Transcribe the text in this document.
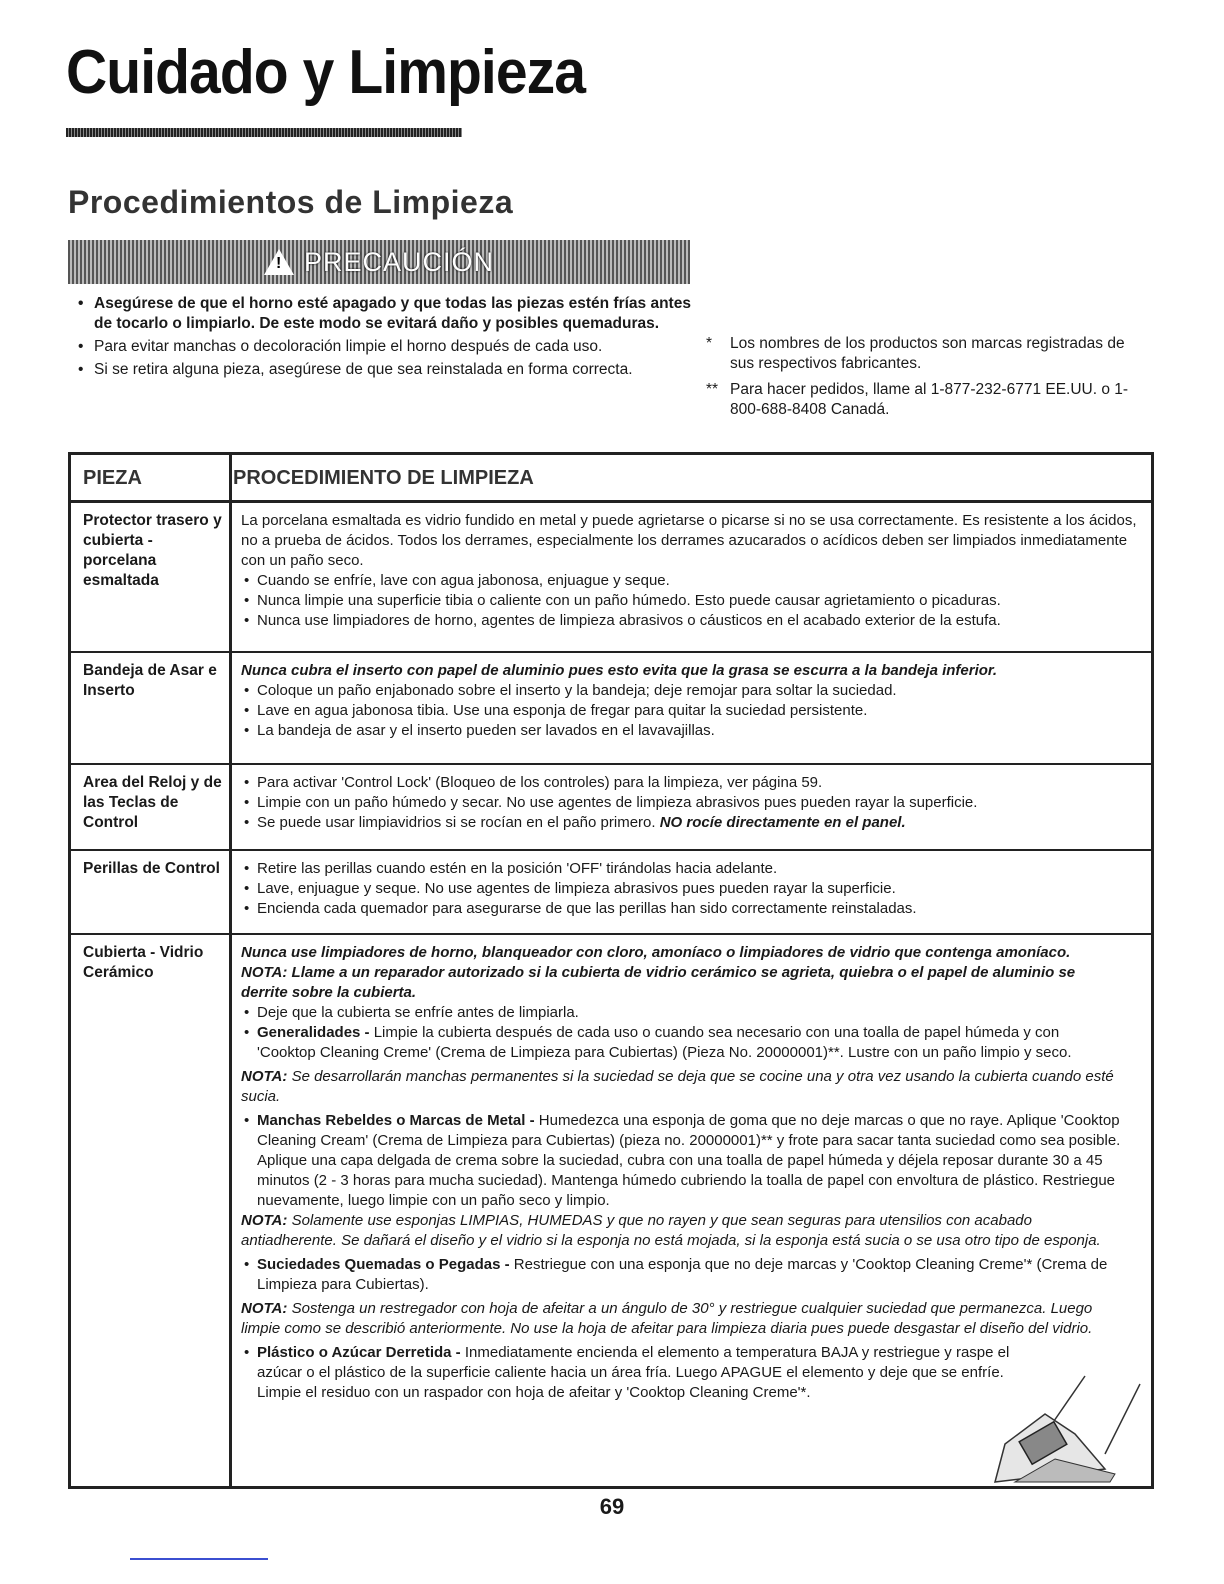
Cuidado y Limpieza
Procedimientos de Limpieza
! PRECAUCIÓN
• Asegúrese de que el horno esté apagado y que todas las piezas estén frías antes de tocarlo o limpiarlo. De este modo se evitará daño y posibles quemaduras.
• Para evitar manchas o decoloración limpie el horno después de cada uso.
• Si se retira alguna pieza, asegúrese de que sea reinstalada en forma correcta.
* Los nombres de los productos son marcas registradas de sus respectivos fabricantes.
** Para hacer pedidos, llame al 1-877-232-6771 EE.UU. o 1-800-688-8408 Canadá.
PIEZA	PROCEDIMIENTO DE LIMPIEZA
Protector trasero y cubierta - porcelana esmaltada

La porcelana esmaltada es vidrio fundido en metal y puede agrietarse o picarse si no se usa correctamente. Es resistente a los ácidos, no a prueba de ácidos. Todos los derrames, especialmente los derrames azucarados o acídicos deben ser limpiados inmediatamente con un paño seco.

• Cuando se enfríe, lave con agua jabonosa, enjuague y seque.
• Nunca limpie una superficie tibia o caliente con un paño húmedo. Esto puede causar agrietamiento o picaduras.
• Nunca use limpiadores de horno, agentes de limpieza abrasivos o cáusticos en el acabado exterior de la estufa.
Bandeja de Asar e Inserto

Nunca cubra el inserto con papel de aluminio pues esto evita que la grasa se escurra a la bandeja inferior.

• Coloque un paño enjabonado sobre el inserto y la bandeja; deje remojar para soltar la suciedad.
• Lave en agua jabonosa tibia. Use una esponja de fregar para quitar la suciedad persistente.
• La bandeja de asar y el inserto pueden ser lavados en el lavavajillas.
Area del Reloj y de las Teclas de Control
• Para activar 'Control Lock' (Bloqueo de los controles) para la limpieza, ver página 59.
• Limpie con un paño húmedo y secar. No use agentes de limpieza abrasivos pues pueden rayar la superficie.
• Se puede usar limpiavidrios si se rocían en el paño primero. NO rocíe directamente en el panel.
Perillas de Control
•	Retire las perillas cuando estén en la posición 'OFF' tirándolas hacia adelante.
• Lave, enjuague y seque. No use agentes de limpieza abrasivos pues pueden rayar la superficie.
• Encienda cada quemador para asegurarse de que las perillas han sido correctamente reinstaladas.
Cubierta - Vidrio Cerámico

Nunca use limpiadores de horno, blanqueador con cloro, amoníaco o limpiadores de vidrio que contenga amoníaco.

NOTA: Llame a un reparador autorizado si la cubierta de vidrio cerámico se agrieta, quiebra o el papel de aluminio se derrite sobre la cubierta.

• Deje que la cubierta se enfríe antes de limpiarla.
• Generalidades - Limpie la cubierta después de cada uso o cuando sea necesario con una toalla de papel húmeda y con 'Cooktop Cleaning Creme' (Crema de Limpieza para Cubiertas) (Pieza No. 20000001)**. Lustre con un paño limpio y seco.

NOTA: Se desarrollarán manchas permanentes si la suciedad se deja que se cocine una y otra vez usando la cubierta cuando esté sucia.

• Manchas Rebeldes o Marcas de Metal - Humedezca una esponja de goma que no deje marcas o que no raye. Aplique 'Cooktop Cleaning Cream' (Crema de Limpieza para Cubiertas) (pieza no. 20000001)** y frote para sacar tanta suciedad como sea posible. Aplique una capa delgada de crema sobre la suciedad, cubra con una toalla de papel húmeda y déjela reposar durante 30 a 45 minutos (2 - 3 horas para mucha suciedad). Mantenga húmedo cubriendo la toalla de papel con envoltura de plástico. Restriegue nuevamente, luego limpie con un paño seco y limpio.

NOTA: Solamente use esponjas LIMPIAS, HUMEDAS y que no rayen y que sean seguras para utensilios con acabado antiadherente. Se dañará el diseño y el vidrio si la esponja no está mojada, si la esponja está sucia o se usa otro tipo de esponja.

• Suciedades Quemadas o Pegadas - Restriegue con una esponja que no deje marcas y 'Cooktop Cleaning Creme'* (Crema de Limpieza para Cubiertas).

NOTA: Sostenga un restregador con hoja de afeitar a un ángulo de 30° y restriegue cualquier suciedad que permanezca. Luego limpie como se describió anteriormente. No use la hoja de afeitar para limpieza diaria pues puede desgastar el diseño del vidrio.

• Plástico o Azúcar Derretida - Inmediatamente encienda el elemento a temperatura BAJA y restriegue y raspe el azúcar o el plástico de la superficie caliente hacia un área fría. Luego APAGUE el elemento y deje que se enfríe. Limpie el residuo con un raspador con hoja de afeitar y 'Cooktop Cleaning Creme'*.
69
